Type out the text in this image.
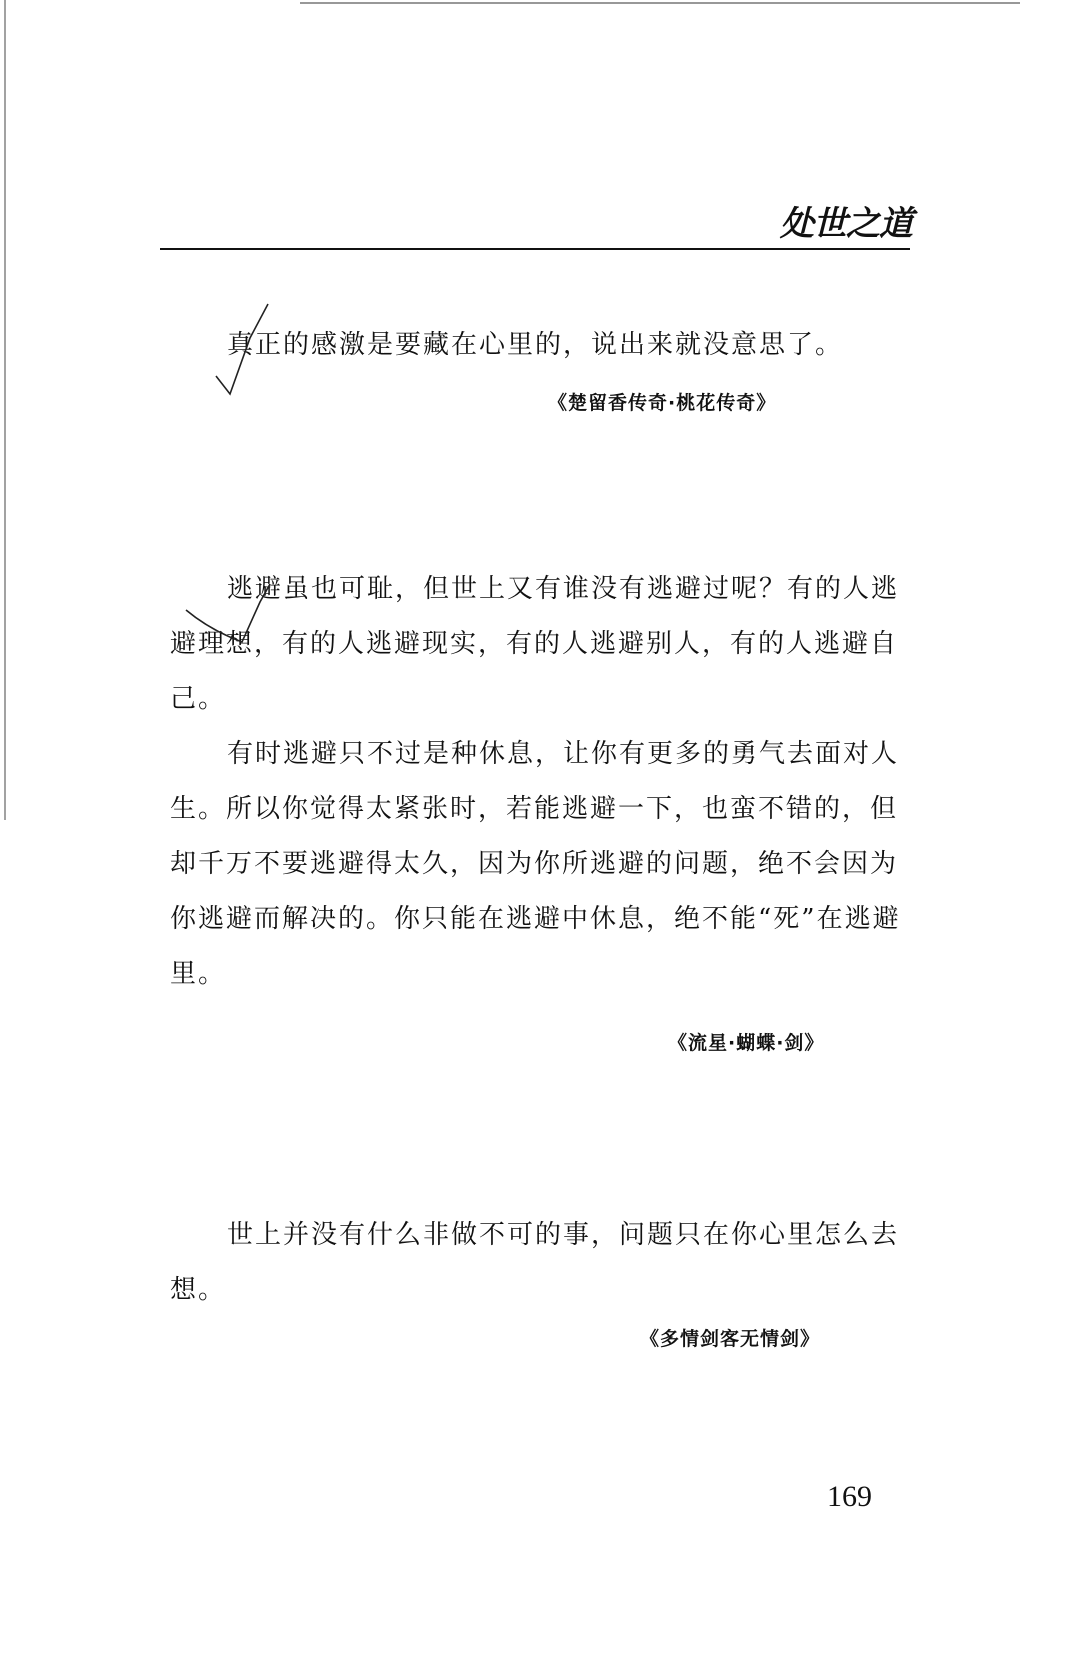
处世之道

真正的感激是要藏在心里的，说出来就没意思了。

《楚留香传奇·桃花传奇》

逃避虽也可耻，但世上又有谁没有逃避过呢？有的人逃避理想，有的人逃避现实，有的人逃避别人，有的人逃避自己。

有时逃避只不过是种休息，让你有更多的勇气去面对人生。所以你觉得太紧张时，若能逃避一下，也蛮不错的，但却千万不要逃避得太久，因为你所逃避的问题，绝不会因为你逃避而解决的。你只能在逃避中休息，绝不能“死”在逃避里。

《流星·蝴蝶·剑》

世上并没有什么非做不可的事，问题只在你心里怎么去想。

《多情剑客无情剑》
169
